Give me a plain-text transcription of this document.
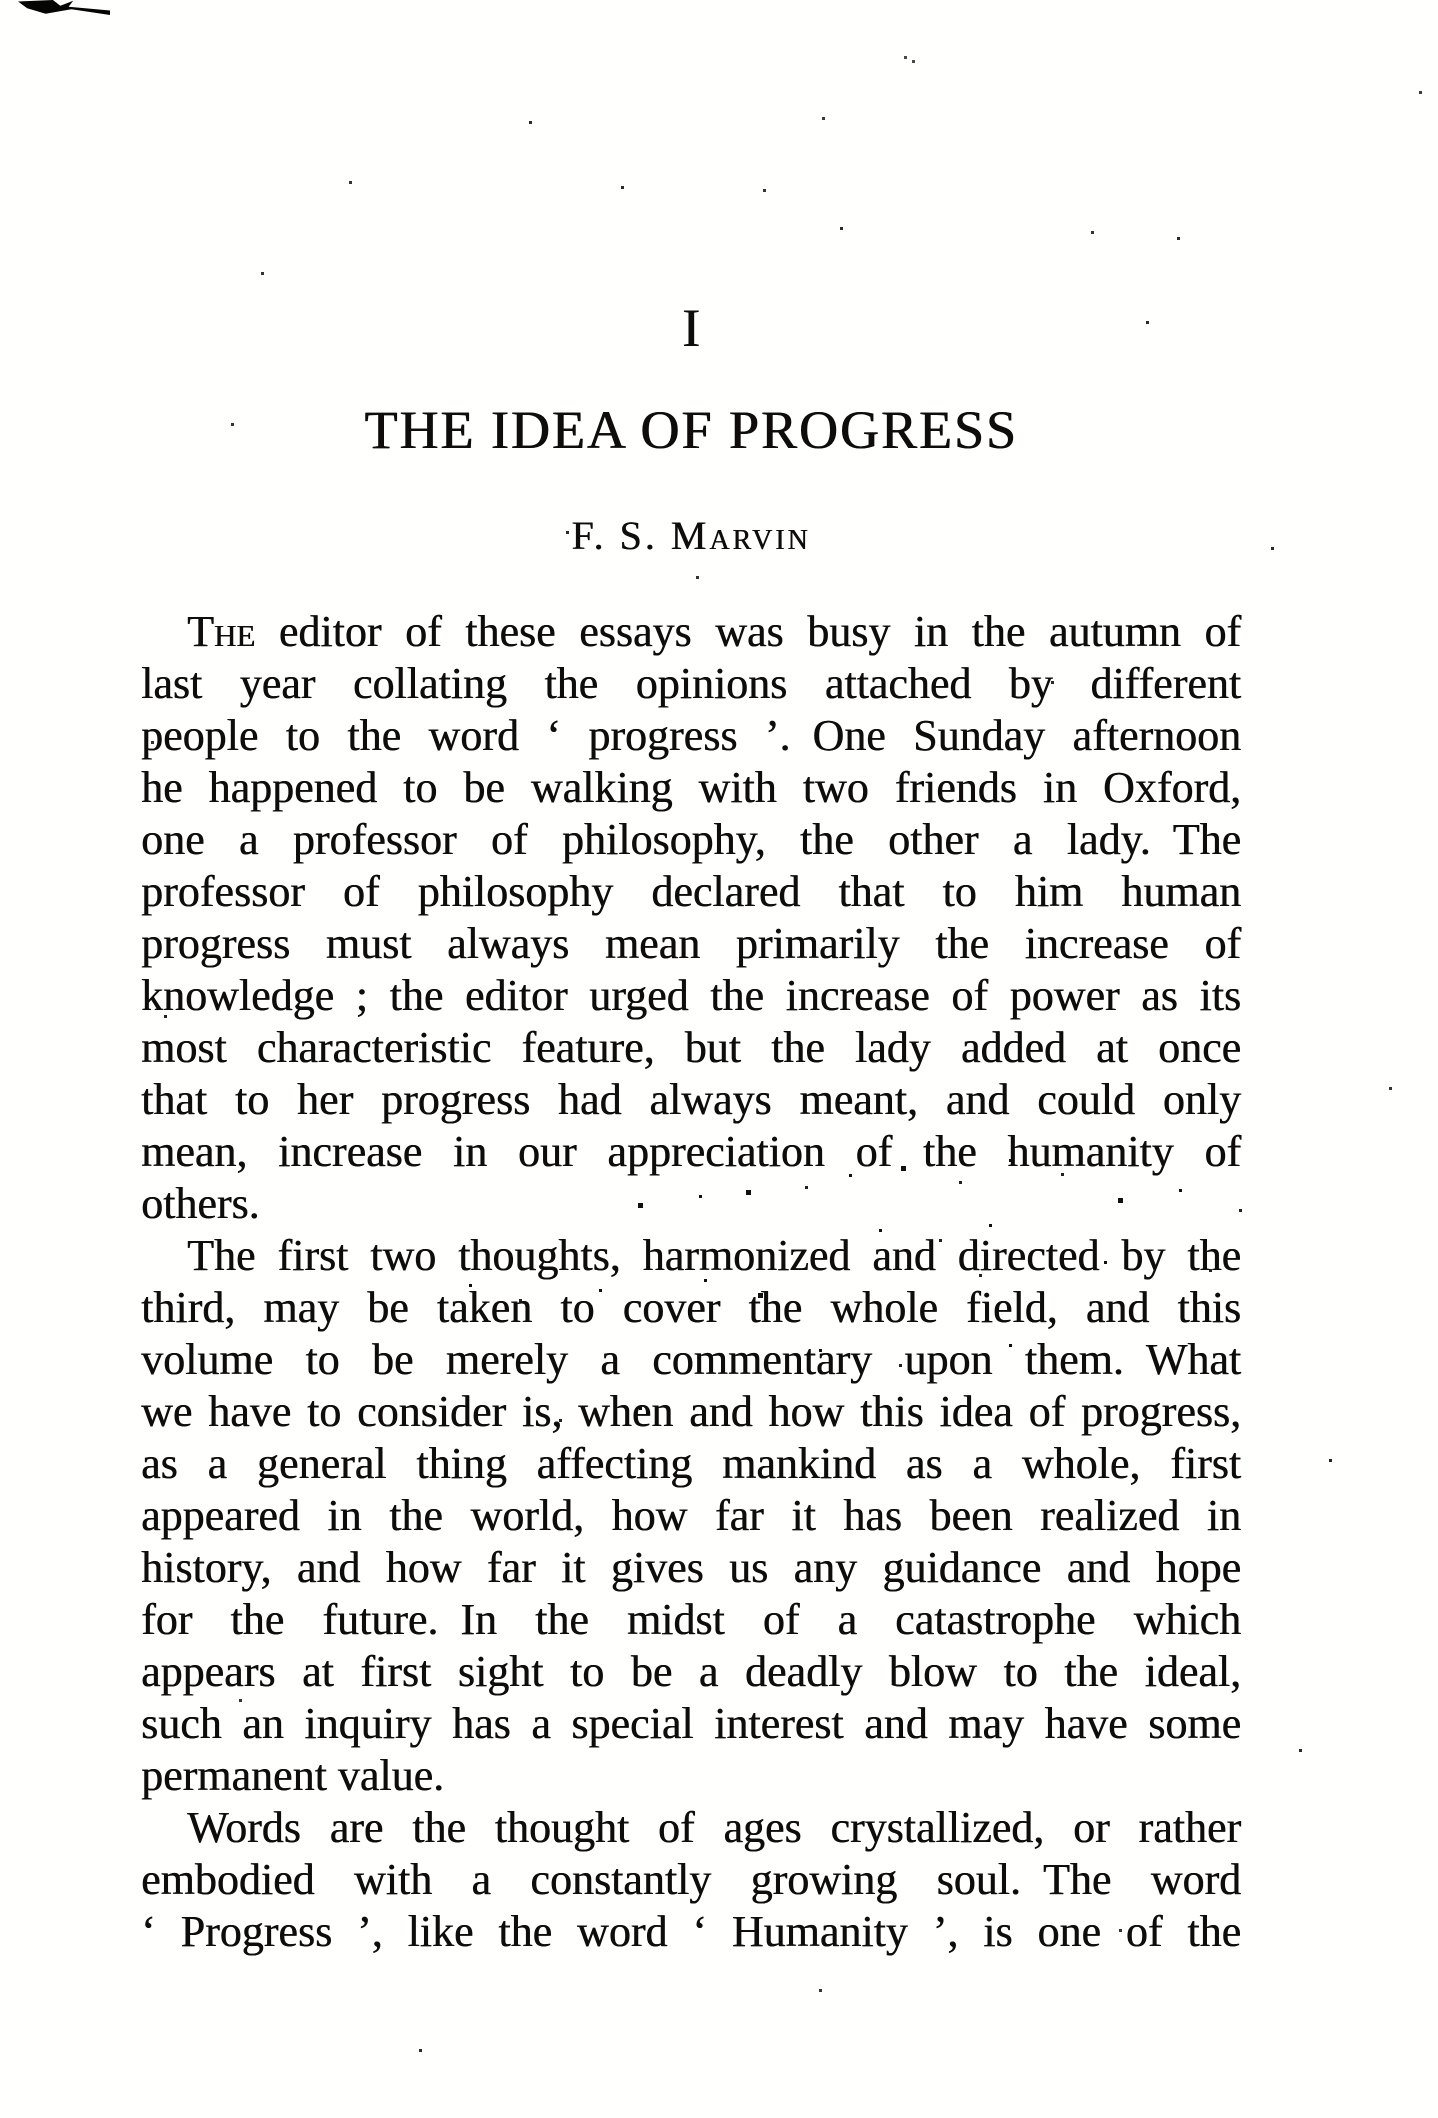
I
THE IDEA OF PROGRESS
F. S. Marvin
The editor of these essays was busy in the autumn of
last year collating the opinions attached by different
people to the word ‘ progress ’. One Sunday afternoon
he happened to be walking with two friends in Oxford,
one a professor of philosophy, the other a lady. The
professor of philosophy declared that to him human
progress must always mean primarily the increase of
knowledge ; the editor urged the increase of power as its
most characteristic feature, but the lady added at once
that to her progress had always meant, and could only
mean, increase in our appreciation of the humanity of
others.
The first two thoughts, harmonized and directed by the
third, may be taken to cover the whole field, and this
volume to be merely a commentary upon them. What
we have to consider is, when and how this idea of progress,
as a general thing affecting mankind as a whole, first
appeared in the world, how far it has been realized in
history, and how far it gives us any guidance and hope
for the future. In the midst of a catastrophe which
appears at first sight to be a deadly blow to the ideal,
such an inquiry has a special interest and may have some
permanent value.
Words are the thought of ages crystallized, or rather
embodied with a constantly growing soul. The word
‘ Progress ’, like the word ‘ Humanity ’, is one of the
